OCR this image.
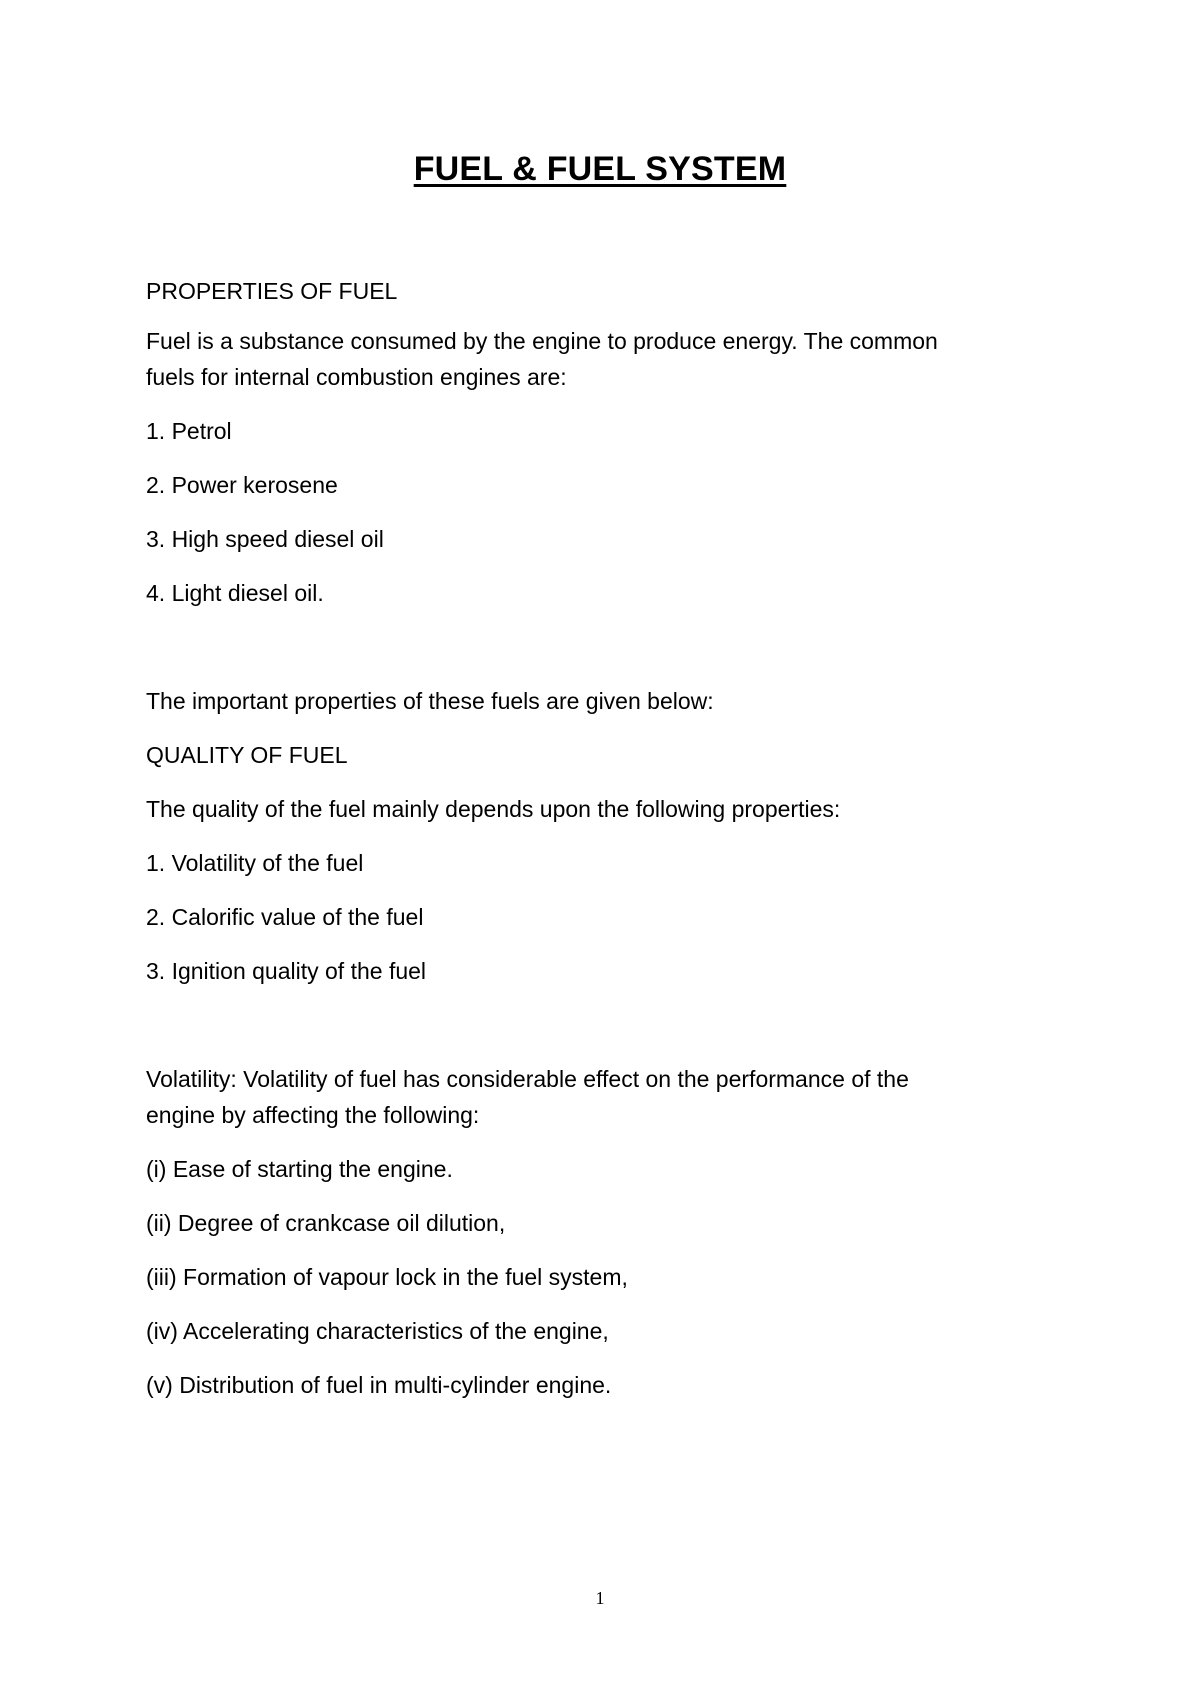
FUEL & FUEL SYSTEM
PROPERTIES OF FUEL
Fuel is a substance consumed by the engine to produce energy. The common
fuels for internal combustion engines are:
1. Petrol
2. Power kerosene
3. High speed diesel oil
4. Light diesel oil.
The important properties of these fuels are given below:
QUALITY OF FUEL
The quality of the fuel mainly depends upon the following properties:
1. Volatility of the fuel
2. Calorific value of the fuel
3. Ignition quality of the fuel
Volatility: Volatility of fuel has considerable effect on the performance of the
engine by affecting the following:
(i) Ease of starting the engine.
(ii) Degree of crankcase oil dilution,
(iii) Formation of vapour lock in the fuel system,
(iv) Accelerating characteristics of the engine,
(v) Distribution of fuel in multi-cylinder engine.
1
